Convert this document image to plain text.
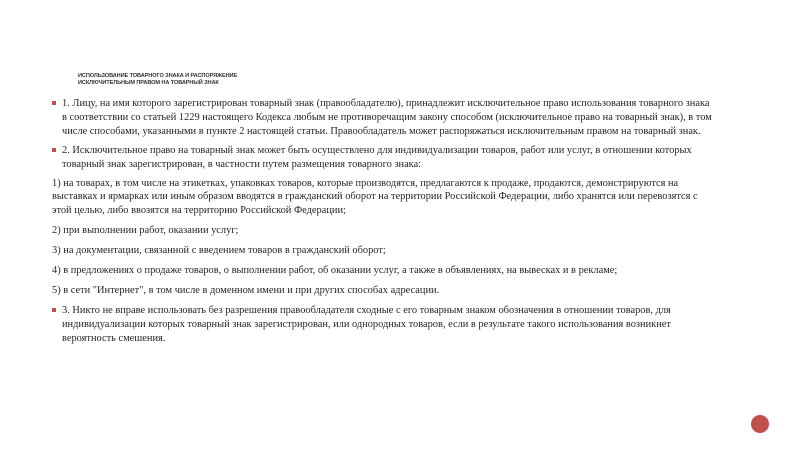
ИСПОЛЬЗОВАНИЕ ТОВАРНОГО ЗНАКА И РАСПОРЯЖЕНИЕ
ИСКЛЮЧИТЕЛЬНЫМ ПРАВОМ НА ТОВАРНЫЙ ЗНАК

1. Лицу, на имя которого зарегистрирован товарный знак (правообладателю), принадлежит исключительное право использования товарного знака в соответствии со статьей 1229 настоящего Кодекса любым не противоречащим закону способом (исключительное право на товарный знак), в том числе способами, указанными в пункте 2 настоящей статьи. Правообладатель может распоряжаться исключительным правом на товарный знак.

2. Исключительное право на товарный знак может быть осуществлено для индивидуализации товаров, работ или услуг, в отношении которых товарный знак зарегистрирован, в частности путем размещения товарного знака:

1) на товарах, в том числе на этикетках, упаковках товаров, которые производятся, предлагаются к продаже, продаются, демонстрируются на выставках и ярмарках или иным образом вводятся в гражданский оборот на территории Российской Федерации, либо хранятся или перевозятся с этой целью, либо ввозятся на территорию Российской Федерации;

2) при выполнении работ, оказании услуг;

3) на документации, связанной с введением товаров в гражданский оборот;

4) в предложениях о продаже товаров, о выполнении работ, об оказании услуг, а также в объявлениях, на вывесках и в рекламе;

5) в сети "Интернет", в том числе в доменном имени и при других способах адресации.

3. Никто не вправе использовать без разрешения правообладателя сходные с его товарным знаком обозначения в отношении товаров, для индивидуализации которых товарный знак зарегистрирован, или однородных товаров, если в результате такого использования возникнет вероятность смешения.
